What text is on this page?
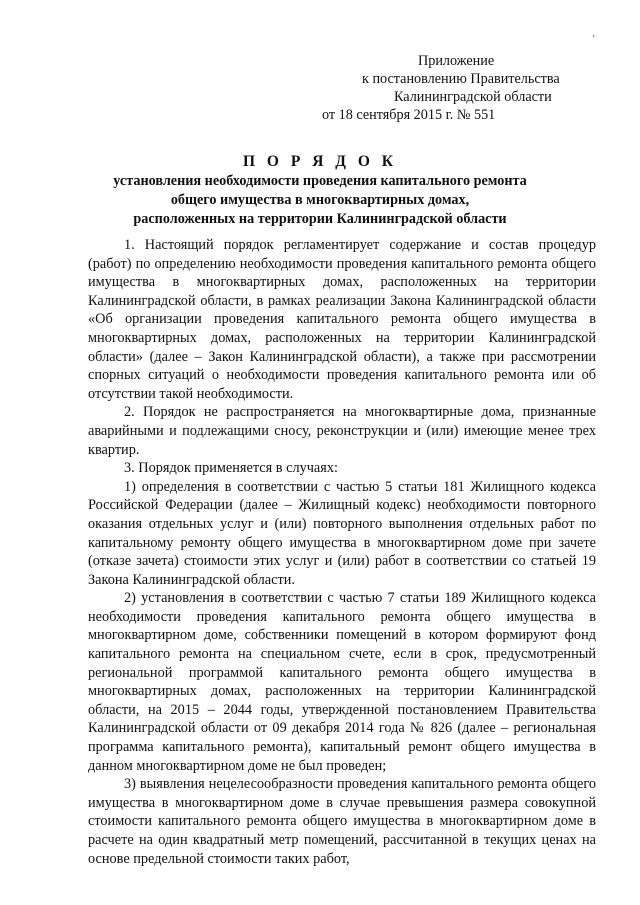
’
Приложение
к постановлению Правительства
Калининградской области
от 18 сентября 2015 г. № 551
П О Р Я Д О К
установления необходимости проведения капитального ремонта
общего имущества в многоквартирных домах,
расположенных на территории Калининградской области

1. Настоящий порядок регламентирует содержание и состав процедур (работ) по определению необходимости проведения капитального ремонта общего имущества в многоквартирных домах, расположенных на территории Калининградской области, в рамках реализации Закона Калининградской области «Об организации проведения капитального ремонта общего имущества в многоквартирных домах, расположенных на территории Калининградской области» (далее – Закон Калининградской области), а также при рассмотрении спорных ситуаций о необходимости проведения капитального ремонта или об отсутствии такой необходимости.

2. Порядок не распространяется на многоквартирные дома, признанные аварийными и подлежащими сносу, реконструкции и (или) имеющие менее трех квартир.

3. Порядок применяется в случаях:

1) определения в соответствии с частью 5 статьи 181 Жилищного кодекса Российской Федерации (далее – Жилищный кодекс) необходимости повторного оказания отдельных услуг и (или) повторного выполнения отдельных работ по капитальному ремонту общего имущества в многоквартирном доме при зачете (отказе зачета) стоимости этих услуг и (или) работ в соответствии со статьей 19 Закона Калининградской области.

2) установления в соответствии с частью 7 статьи 189 Жилищного кодекса необходимости проведения капитального ремонта общего имущества в многоквартирном доме, собственники помещений в котором формируют фонд капитального ремонта на специальном счете, если в срок, предусмотренный региональной программой капитального ремонта общего имущества в многоквартирных домах, расположенных на территории Калининградской области, на 2015 – 2044 годы, утвержденной постановлением Правительства Калининградской области от 09 декабря 2014 года № 826 (далее – региональная программа капитального ремонта), капитальный ремонт общего имущества в данном многоквартирном доме не был проведен;

3) выявления нецелесообразности проведения капитального ремонта общего имущества в многоквартирном доме в случае превышения размера совокупной стоимости капитального ремонта общего имущества в многоквартирном доме в расчете на один квадратный метр помещений, рассчитанной в текущих ценах на основе предельной стоимости таких работ,
